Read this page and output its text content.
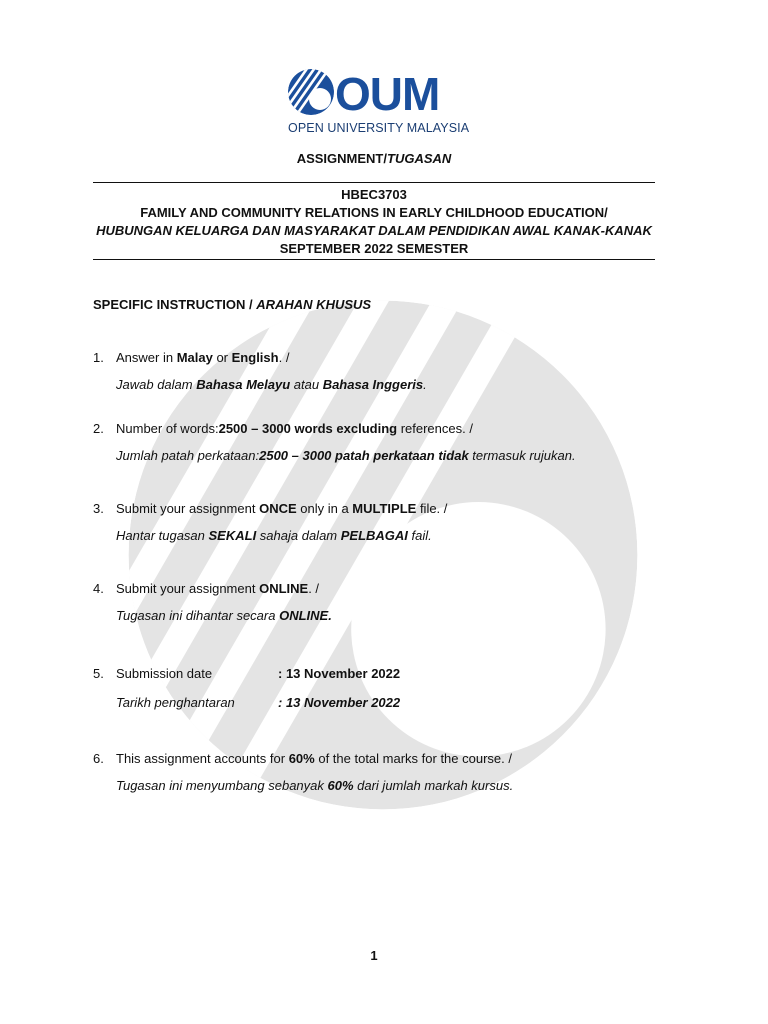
OUM
OPEN UNIVERSITY MALAYSIA
ASSIGNMENT/TUGASAN
HBEC3703
FAMILY AND COMMUNITY RELATIONS IN EARLY CHILDHOOD EDUCATION/
HUBUNGAN KELUARGA DAN MASYARAKAT DALAM PENDIDIKAN AWAL KANAK-KANAK
SEPTEMBER 2022 SEMESTER
SPECIFIC INSTRUCTION / ARAHAN KHUSUS
1. Answer in Malay or English. /
Jawab dalam Bahasa Melayu atau Bahasa Inggeris.
2. Number of words:2500 – 3000 words excluding references. /
Jumlah patah perkataan:2500 – 3000 patah perkataan tidak termasuk rujukan.
3. Submit your assignment ONCE only in a MULTIPLE file. /
Hantar tugasan SEKALI sahaja dalam PELBAGAI fail.
4. Submit your assignment ONLINE. /
Tugasan ini dihantar secara ONLINE.
5. Submission date	: 13 November 2022
Tarikh penghantaran	: 13 November 2022
6. This assignment accounts for 60% of the total marks for the course. /
Tugasan ini menyumbang sebanyak 60% dari jumlah markah kursus.
1
